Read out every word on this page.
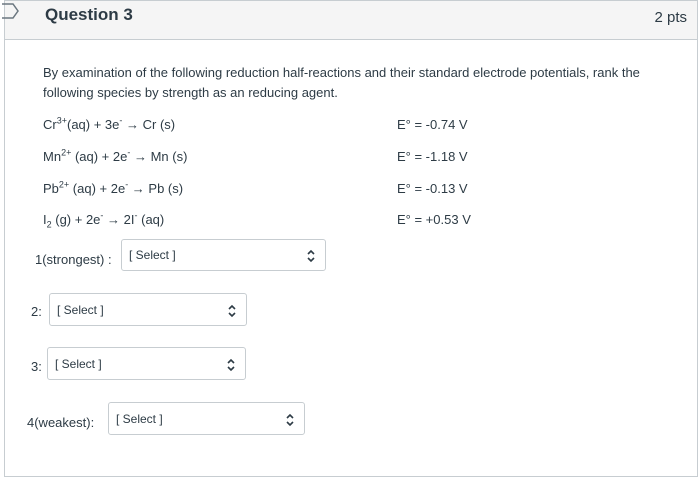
Question 3	2 pts
By examination of the following reduction half-reactions and their standard electrode potentials, rank the following species by strength as an reducing agent.
$Cr^{3+}(aq) + 3e^- \to Cr$ (s)	E° = -0.74 V
$Mn^{2+}$ (aq) + 2e- → Mn (s)	E° = -1.18 V
$Pb^{2+}$ (aq) + 2e- → Pb (s)	E° = -0.13 V
$I_2$ (g) + 2e- → 2I- (aq)	E° = +0.53 V
1(strongest) : [ Select ]
2: [ Select ]
3: [ Select ]
4(weakest): [ Select ]
